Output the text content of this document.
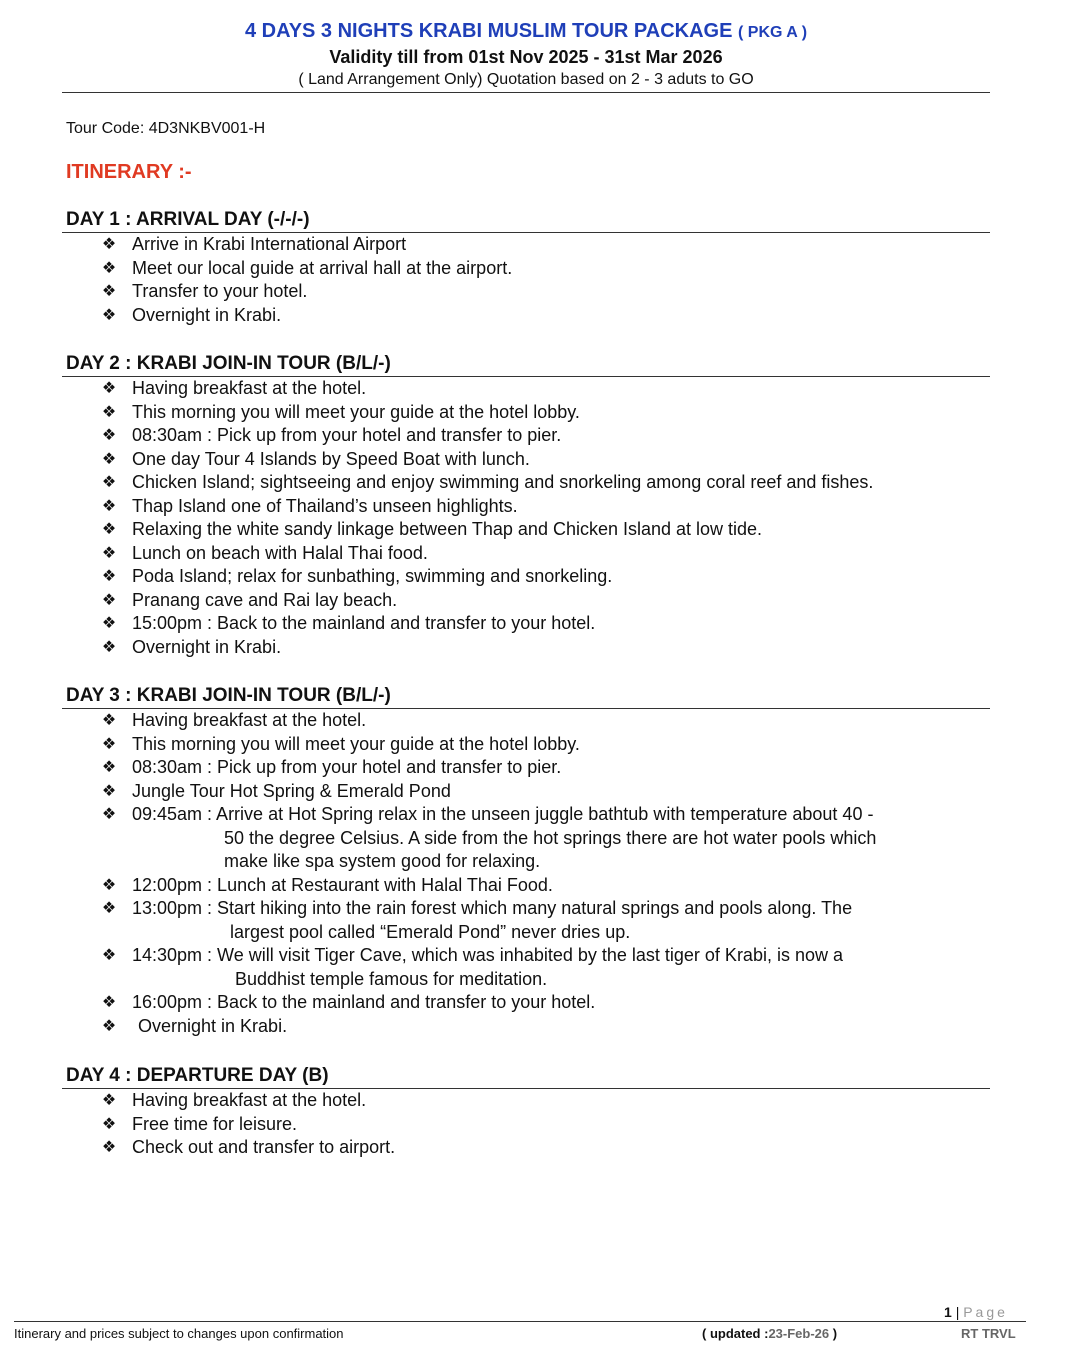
4 DAYS 3 NIGHTS KRABI MUSLIM TOUR PACKAGE ( PKG A )
Validity till from 01st Nov 2025 - 31st Mar 2026
( Land Arrangement Only) Quotation based on 2 - 3 aduts to GO
Tour Code: 4D3NKBV001-H
ITINERARY :-
DAY 1 : ARRIVAL DAY (-/-/-)
❖ Arrive in Krabi International Airport
❖ Meet our local guide at arrival hall at the airport.
❖ Transfer to your hotel.
❖ Overnight in Krabi.
DAY 2 : KRABI JOIN-IN TOUR (B/L/-)
❖ Having breakfast at the hotel.
❖ This morning you will meet your guide at the hotel lobby.
❖ 08:30am : Pick up from your hotel and transfer to pier.
❖ One day Tour 4 Islands by Speed Boat with lunch.
❖ Chicken Island; sightseeing and enjoy swimming and snorkeling among coral reef and fishes.
❖ Thap Island one of Thailand’s unseen highlights.
❖ Relaxing the white sandy linkage between Thap and Chicken Island at low tide.
❖ Lunch on beach with Halal Thai food.
❖ Poda Island; relax for sunbathing, swimming and snorkeling.
❖ Pranang cave and Rai lay beach.
❖ 15:00pm : Back to the mainland and transfer to your hotel.
❖ Overnight in Krabi.
DAY 3 : KRABI JOIN-IN TOUR (B/L/-)
❖ Having breakfast at the hotel.
❖ This morning you will meet your guide at the hotel lobby.
❖ 08:30am : Pick up from your hotel and transfer to pier.
❖ Jungle Tour Hot Spring & Emerald Pond
❖ 09:45am : Arrive at Hot Spring relax in the unseen juggle bathtub with temperature about 40 -
50 the degree Celsius. A side from the hot springs there are hot water pools which
make like spa system good for relaxing.
❖ 12:00pm : Lunch at Restaurant with Halal Thai Food.
❖ 13:00pm : Start hiking into the rain forest which many natural springs and pools along. The
largest pool called “Emerald Pond” never dries up.
❖ 14:30pm : We will visit Tiger Cave, which was inhabited by the last tiger of Krabi, is now a
Buddhist temple famous for meditation.
❖ 16:00pm : Back to the mainland and transfer to your hotel.
❖ Overnight in Krabi.
DAY 4 : DEPARTURE DAY (B)
❖ Having breakfast at the hotel.
❖ Free time for leisure.
❖ Check out and transfer to airport.
1 | Page
Itinerary and prices subject to changes upon confirmation	( updated :23-Feb-26 )	RT TRVL
